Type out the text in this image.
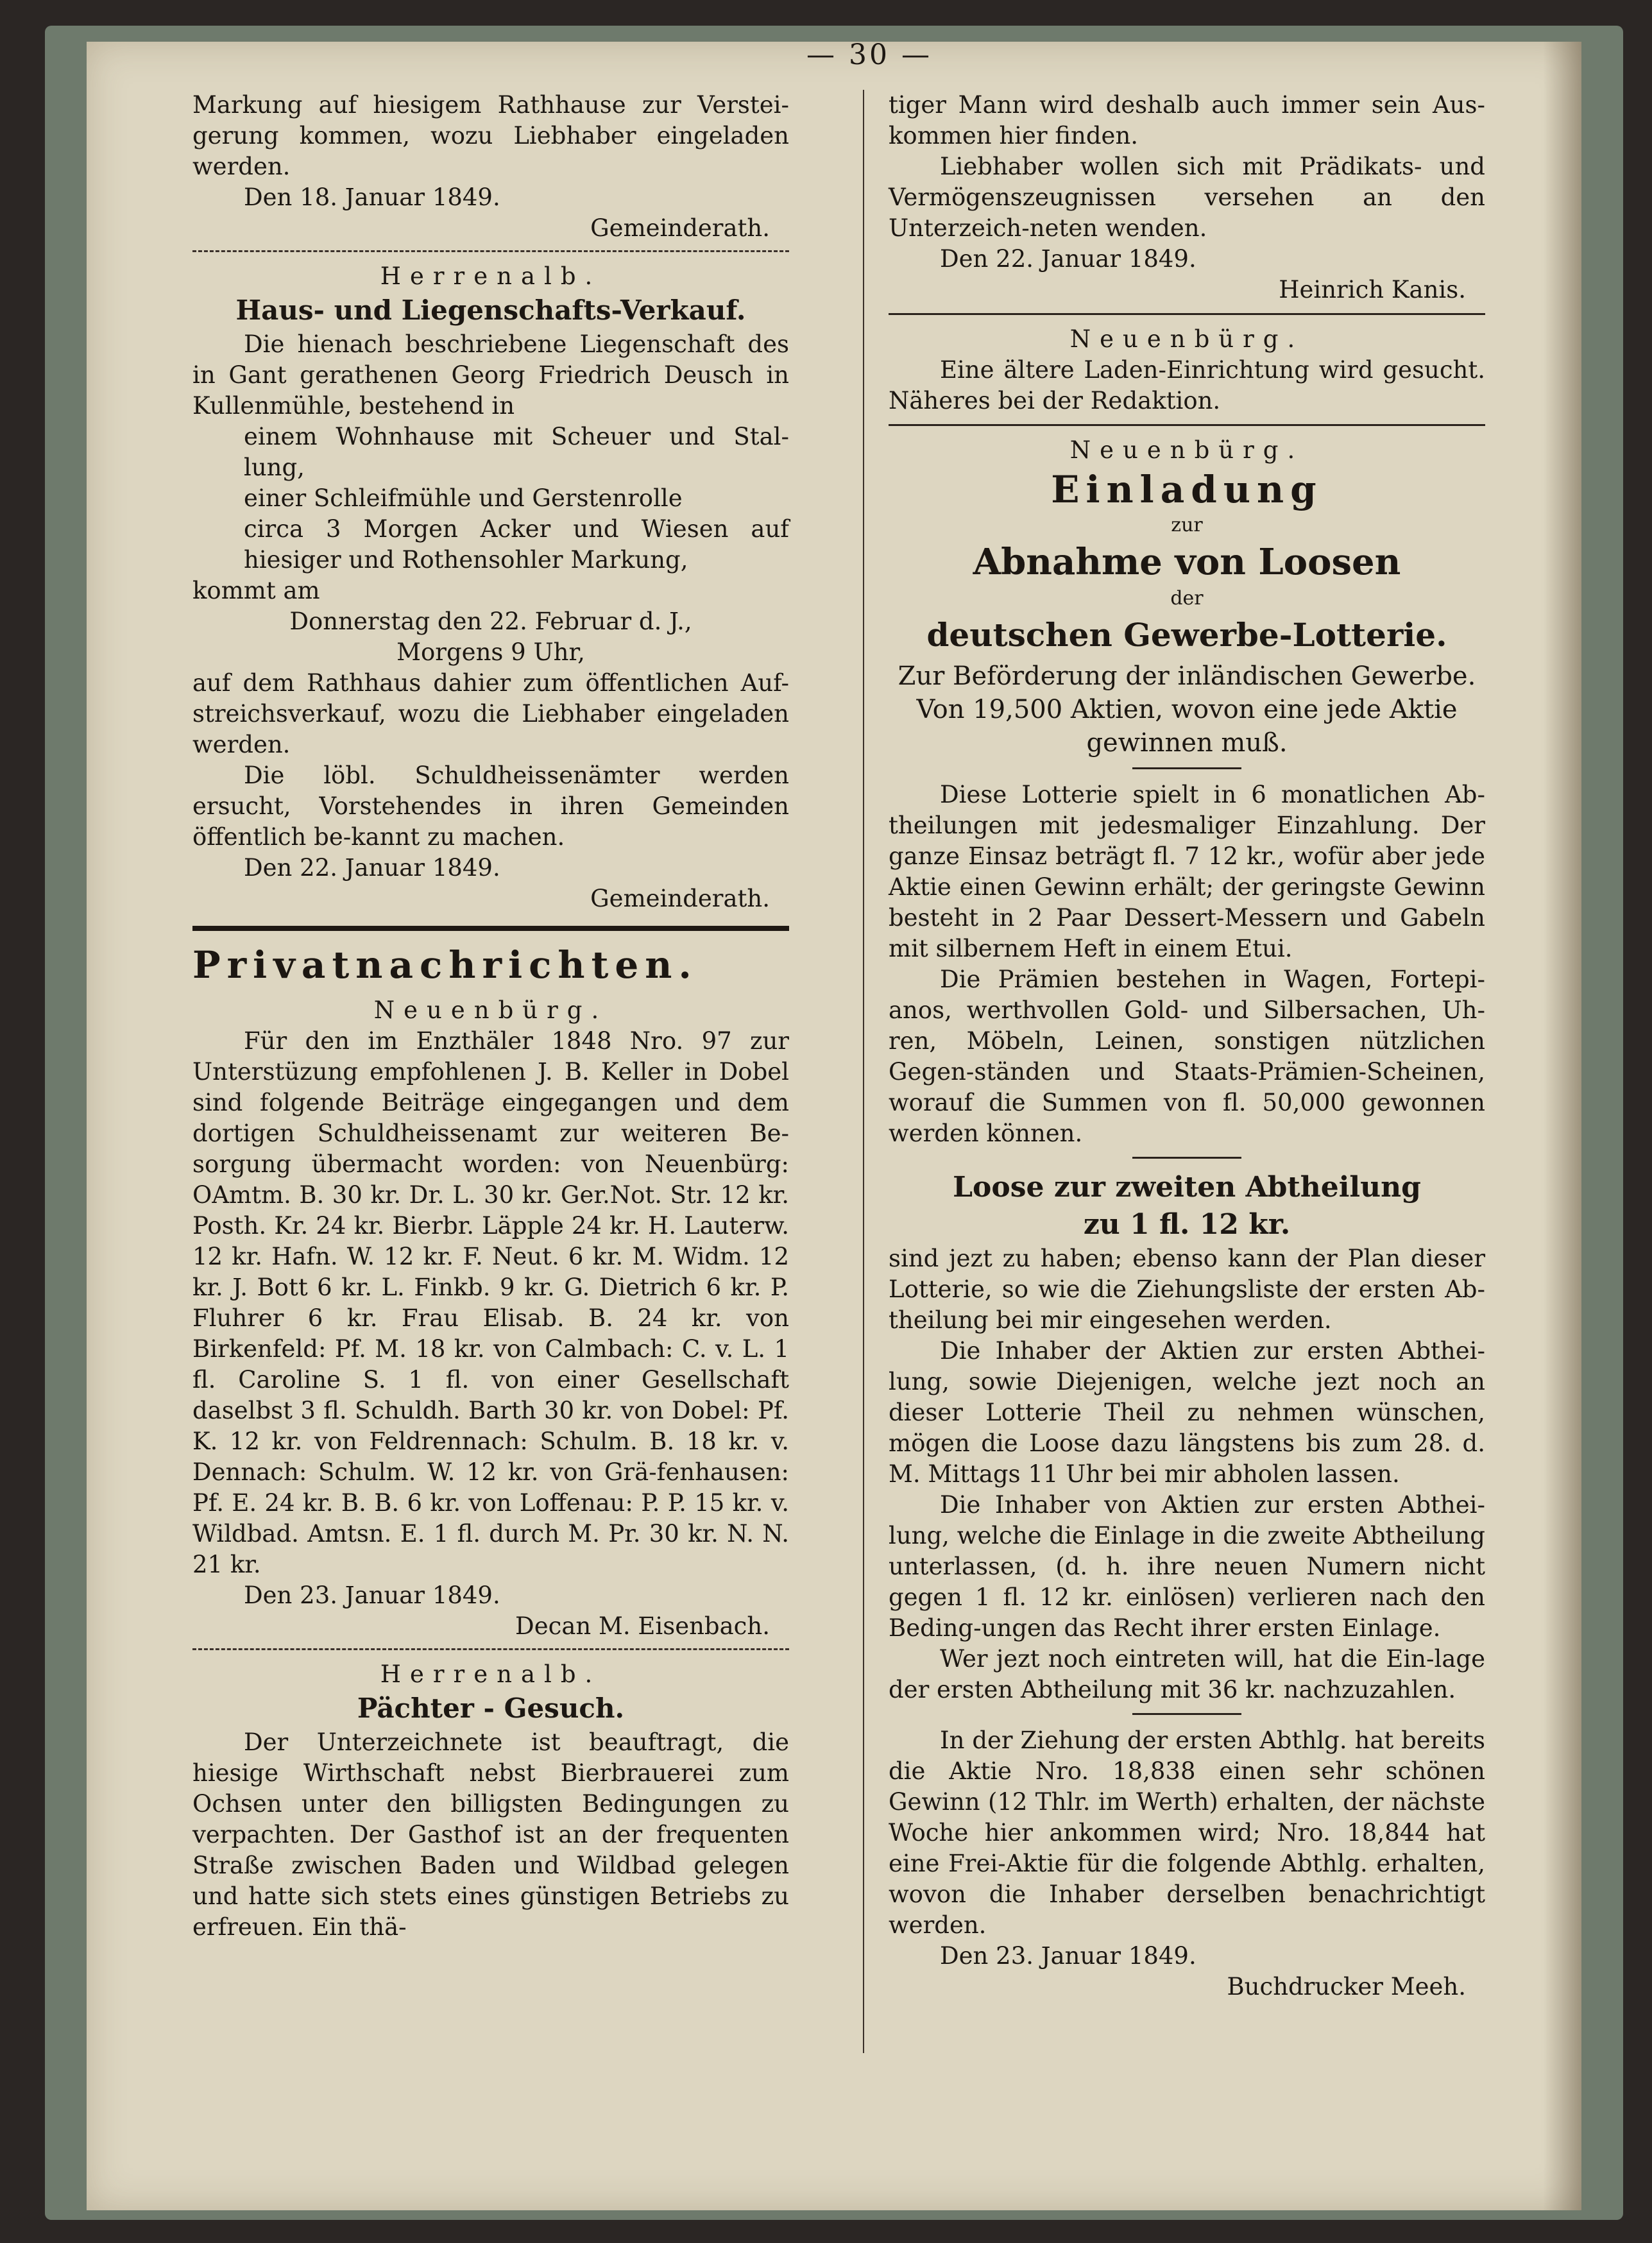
— 30 —

Markung auf hiesigem Rathhause zur Verstei-gerung kommen, wozu Liebhaber eingeladen werden.

Den 18. Januar 1849.

Gemeinderath.

Herrenalb.

Haus- und Liegenschafts-Verkauf.

Die hienach beschriebene Liegenschaft des in Gant gerathenen Georg Friedrich Deusch in Kullenmühle, bestehend in

einem Wohnhause mit Scheuer und Stal-lung,

einer Schleifmühle und Gerstenrolle

circa 3 Morgen Acker und Wiesen auf hiesiger und Rothensohler Markung,

kommt am

Donnerstag den 22. Februar d. J.,

Morgens 9 Uhr,

auf dem Rathhaus dahier zum öffentlichen Auf-streichsverkauf, wozu die Liebhaber eingeladen werden.

Die löbl. Schuldheissenämter werden ersucht, Vorstehendes in ihren Gemeinden öffentlich be-kannt zu machen.

Den 22. Januar 1849.

Gemeinderath.

Privatnachrichten.

Neuenbürg.

Für den im Enzthäler 1848 Nro. 97 zur Unterstüzung empfohlenen J. B. Keller in Dobel sind folgende Beiträge eingegangen und dem dortigen Schuldheissenamt zur weiteren Be-sorgung übermacht worden: von Neuenbürg: OAmtm. B. 30 kr. Dr. L. 30 kr. Ger.Not. Str. 12 kr. Posth. Kr. 24 kr. Bierbr. Läpple 24 kr. H. Lauterw. 12 kr. Hafn. W. 12 kr. F. Neut. 6 kr. M. Widm. 12 kr. J. Bott 6 kr. L. Finkb. 9 kr. G. Dietrich 6 kr. P. Fluhrer 6 kr. Frau Elisab. B. 24 kr. von Birkenfeld: Pf. M. 18 kr. von Calmbach: C. v. L. 1 fl. Caroline S. 1 fl. von einer Gesellschaft daselbst 3 fl. Schuldh. Barth 30 kr. von Dobel: Pf. K. 12 kr. von Feldrennach: Schulm. B. 18 kr. v. Dennach: Schulm. W. 12 kr. von Grä-fenhausen: Pf. E. 24 kr. B. B. 6 kr. von Loffenau: P. P. 15 kr. v. Wildbad. Amtsn. E. 1 fl. durch M. Pr. 30 kr. N. N. 21 kr.

Den 23. Januar 1849.

Decan M. Eisenbach.

Herrenalb.

Pächter - Gesuch.

Der Unterzeichnete ist beauftragt, die hiesige Wirthschaft nebst Bierbrauerei zum Ochsen unter den billigsten Bedingungen zu verpachten. Der Gasthof ist an der frequenten Straße zwischen Baden und Wildbad gelegen und hatte sich stets eines günstigen Betriebs zu erfreuen. Ein thä-

tiger Mann wird deshalb auch immer sein Aus-kommen hier finden.

Liebhaber wollen sich mit Prädikats- und Vermögenszeugnissen versehen an den Unterzeich-neten wenden.

Den 22. Januar 1849.

Heinrich Kanis.

Neuenbürg.

Eine ältere Laden-Einrichtung wird gesucht. Näheres bei der Redaktion.

Neuenbürg.

Einladung

zur

Abnahme von Loosen

der

deutschen Gewerbe-Lotterie.

Zur Beförderung der inländischen Gewerbe.

Von 19,500 Aktien, wovon eine jede Aktie gewinnen muß.

Diese Lotterie spielt in 6 monatlichen Ab-theilungen mit jedesmaliger Einzahlung. Der ganze Einsaz beträgt fl. 7 12 kr., wofür aber jede Aktie einen Gewinn erhält; der geringste Gewinn besteht in 2 Paar Dessert-Messern und Gabeln mit silbernem Heft in einem Etui.

Die Prämien bestehen in Wagen, Fortepi-anos, werthvollen Gold- und Silbersachen, Uh-ren, Möbeln, Leinen, sonstigen nützlichen Gegen-ständen und Staats-Prämien-Scheinen, worauf die Summen von fl. 50,000 gewonnen werden können.

Loose zur zweiten Abtheilung

zu 1 fl. 12 kr.

sind jezt zu haben; ebenso kann der Plan dieser Lotterie, so wie die Ziehungsliste der ersten Ab-theilung bei mir eingesehen werden.

Die Inhaber der Aktien zur ersten Abthei-lung, sowie Diejenigen, welche jezt noch an dieser Lotterie Theil zu nehmen wünschen, mögen die Loose dazu längstens bis zum 28. d. M. Mittags 11 Uhr bei mir abholen lassen.

Die Inhaber von Aktien zur ersten Abthei-lung, welche die Einlage in die zweite Abtheilung unterlassen, (d. h. ihre neuen Numern nicht gegen 1 fl. 12 kr. einlösen) verlieren nach den Beding-ungen das Recht ihrer ersten Einlage.

Wer jezt noch eintreten will, hat die Ein-lage der ersten Abtheilung mit 36 kr. nachzuzahlen.

In der Ziehung der ersten Abthlg. hat bereits die Aktie Nro. 18,838 einen sehr schönen Gewinn (12 Thlr. im Werth) erhalten, der nächste Woche hier ankommen wird; Nro. 18,844 hat eine Frei-Aktie für die folgende Abthlg. erhalten, wovon die Inhaber derselben benachrichtigt werden.

Den 23. Januar 1849.

Buchdrucker Meeh.
